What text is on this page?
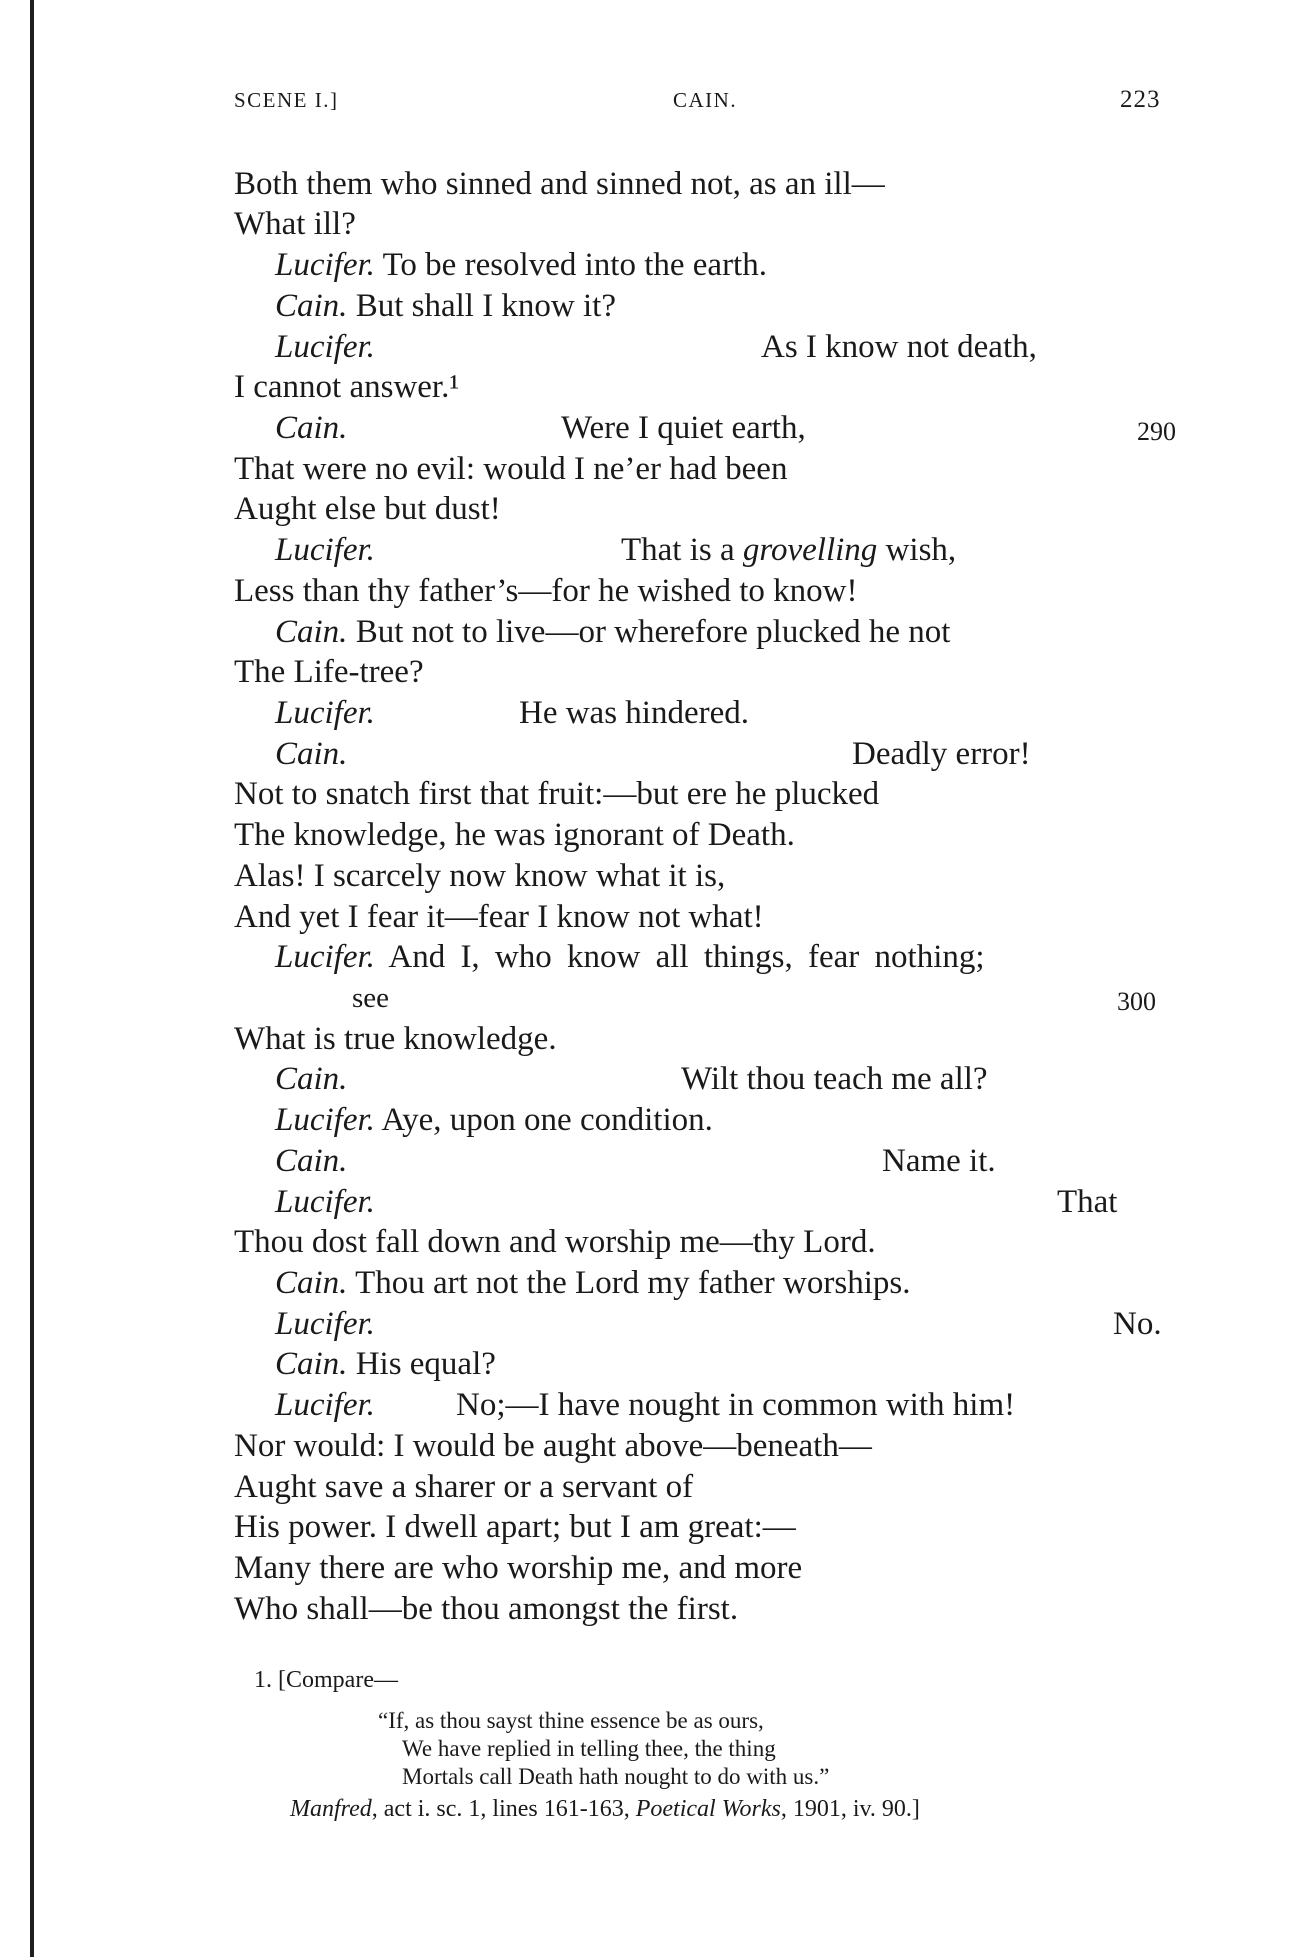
SCENE I.]	CAIN.	223
Both them who sinned and sinned not, as an ill—
What ill?
Lucifer. To be resolved into the earth.
Cain. But shall I know it?
Lucifer.	As I know not death,
I cannot answer.¹
Cain.	Were I quiet earth,	290
That were no evil: would I ne’er had been
Aught else but dust!
Lucifer.	That is a grovelling wish,
Less than thy father’s—for he wished to know!
Cain. But not to live—or wherefore plucked he not
The Life-tree?
Lucifer.	He was hindered.
Cain.	Deadly error!
Not to snatch first that fruit:—but ere he plucked
The knowledge, he was ignorant of Death.
Alas! I scarcely now know what it is,
And yet I fear it—fear I know not what!
Lucifer. And I, who know all things, fear nothing;
see	300
What is true knowledge.
Cain.	Wilt thou teach me all?
Lucifer. Aye, upon one condition.
Cain.	Name it.
Lucifer.	That
Thou dost fall down and worship me—thy Lord.
Cain. Thou art not the Lord my father worships.
Lucifer.	No.
Cain. His equal?
Lucifer. No;—I have nought in common with him!
Nor would: I would be aught above—beneath—
Aught save a sharer or a servant of
His power. I dwell apart; but I am great:—
Many there are who worship me, and more
Who shall—be thou amongst the first.
1. [Compare—
“If, as thou sayst thine essence be as ours,
We have replied in telling thee, the thing
Mortals call Death hath nought to do with us.”
Manfred, act i. sc. 1, lines 161-163, Poetical Works, 1901, iv. 90.]
